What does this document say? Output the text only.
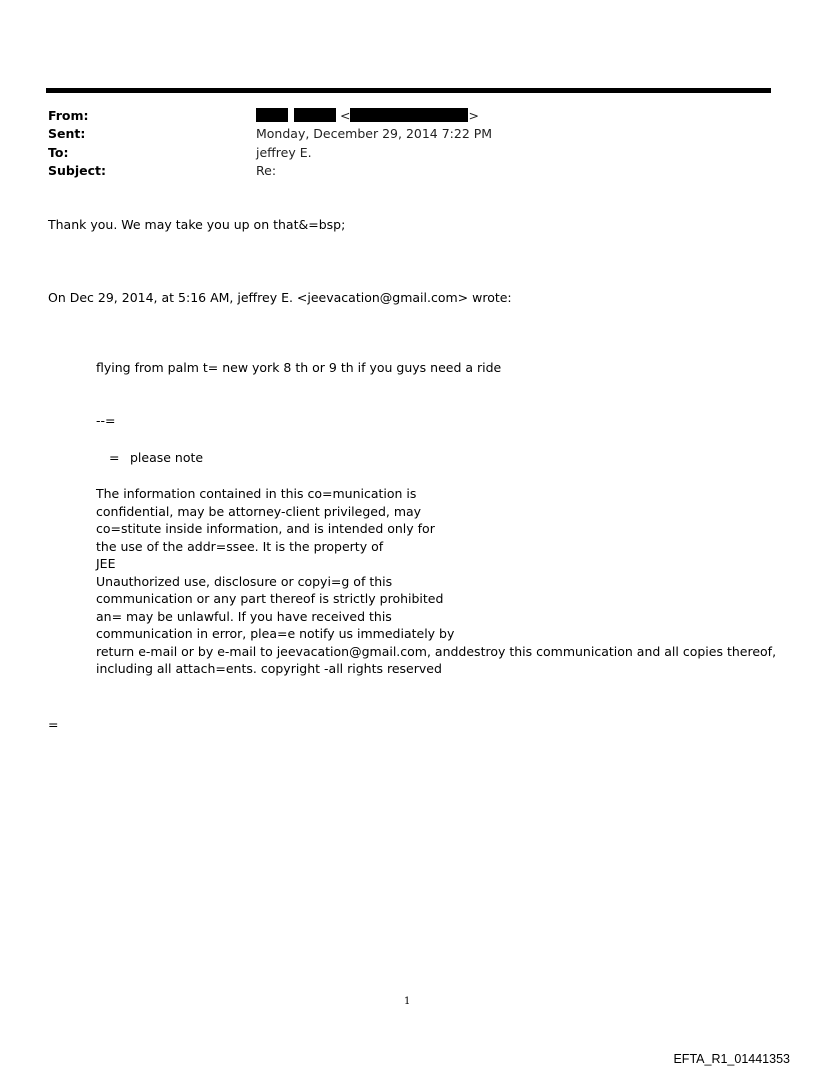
From:	<	>
Sent:	Monday, December 29, 2014 7:22 PM
To:	jeffrey E.
Subject:	Re:
Thank you. We may take you up on that&=bsp;
On Dec 29, 2014, at 5:16 AM, jeffrey E. <jeevacation@gmail.com> wrote:
flying from palm t= new york 8 th or 9 th if you guys need a ride
--=
= please note
The information contained in this co=munication is
confidential, may be attorney-client privileged, may
co=stitute inside information, and is intended only for
the use of the addr=ssee. It is the property of
JEE
Unauthorized use, disclosure or copyi=g of this
communication or any part thereof is strictly prohibited
an= may be unlawful. If you have received this
communication in error, plea=e notify us immediately by
return e-mail or by e-mail to jeevacation@gmail.com, anddestroy this communication and all copies thereof,
including all attach=ents. copyright -all rights reserved
=
1
EFTA_R1_01441353
